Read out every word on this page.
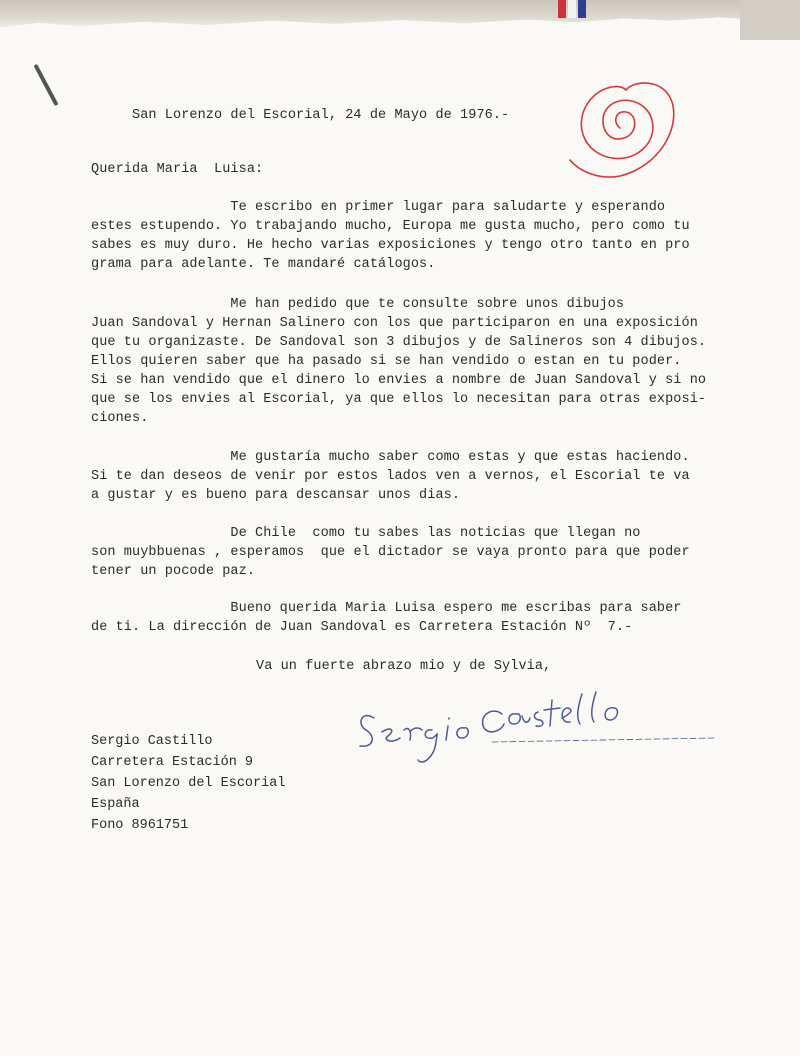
San Lorenzo del Escorial, 24 de Mayo de 1976.-
Querida Maria  Luisa:
Te escribo en primer lugar para saludarte y esperando
estes estupendo. Yo trabajando mucho, Europa me gusta mucho, pero como tu
sabes es muy duro. He hecho varias exposiciones y tengo otro tanto en pro
grama para adelante. Te mandaré catálogos.
Me han pedido que te consulte sobre unos dibujos
Juan Sandoval y Hernan Salinero con los que participaron en una exposición
que tu organizaste. De Sandoval son 3 dibujos y de Salineros son 4 dibujos.
Ellos quieren saber que ha pasado si se han vendido o estan en tu poder.
Si se han vendido que el dinero lo envies a nombre de Juan Sandoval y si no
que se los envies al Escorial, ya que ellos lo necesitan para otras exposi-
ciones.
Me gustaría mucho saber como estas y que estas haciendo.
Si te dan deseos de venir por estos lados ven a vernos, el Escorial te va
a gustar y es bueno para descansar unos dias.
De Chile  como tu sabes las noticias que llegan no
son muybbuenas , esperamos  que el dictador se vaya pronto para que poder
tener un pocode paz.
Bueno querida Maria Luisa espero me escribas para saber
de ti. La dirección de Juan Sandoval es Carretera Estación Nº  7.-
Va un fuerte abrazo mio y de Sylvia,
Sergio Castillo
Carretera Estación 9
San Lorenzo del Escorial
España
Fono 8961751
